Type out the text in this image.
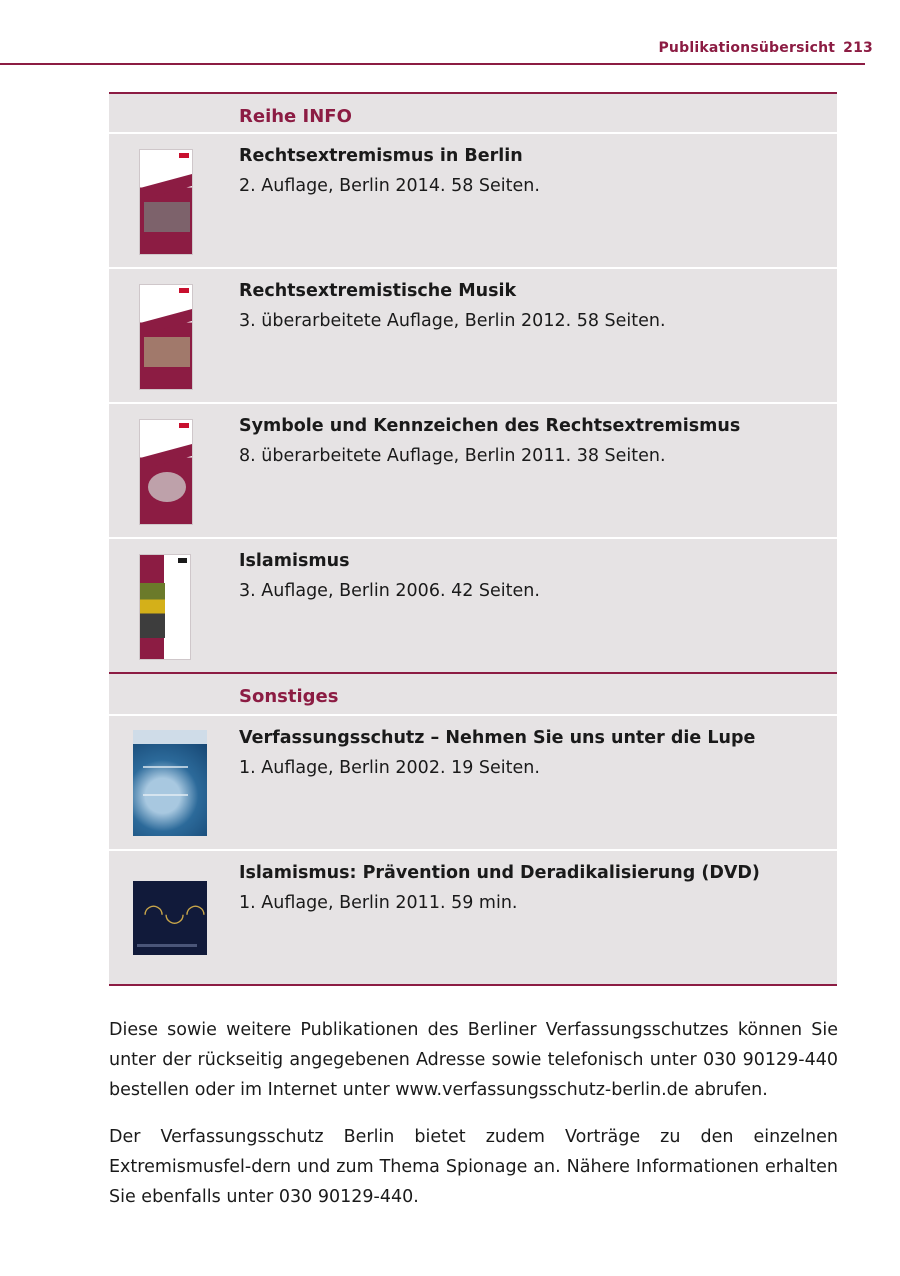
Publikationsübersicht 213
Reihe INFO
Rechtsextremismus in Berlin
2. Auflage, Berlin 2014. 58 Seiten.
Rechtsextremistische Musik
3. überarbeitete Auflage, Berlin 2012. 58 Seiten.
Symbole und Kennzeichen des Rechtsextremismus
8. überarbeitete Auflage, Berlin 2011. 38 Seiten.
Islamismus
3. Auflage, Berlin 2006. 42 Seiten.
Sonstiges
Verfassungsschutz – Nehmen Sie uns unter die Lupe
1. Auflage, Berlin 2002. 19 Seiten.
◠◡◠
Islamismus: Prävention und Deradikalisierung (DVD)
1. Auflage, Berlin 2011. 59 min.

Diese sowie weitere Publikationen des Berliner Verfassungsschutzes können Sie unter der rückseitig angegebenen Adresse sowie telefonisch unter 030 90129-440 bestellen oder im Internet unter www.verfassungsschutz-berlin.de abrufen.

Der Verfassungsschutz Berlin bietet zudem Vorträge zu den einzelnen Extremismusfel-dern und zum Thema Spionage an. Nähere Informationen erhalten Sie ebenfalls unter 030 90129-440.
